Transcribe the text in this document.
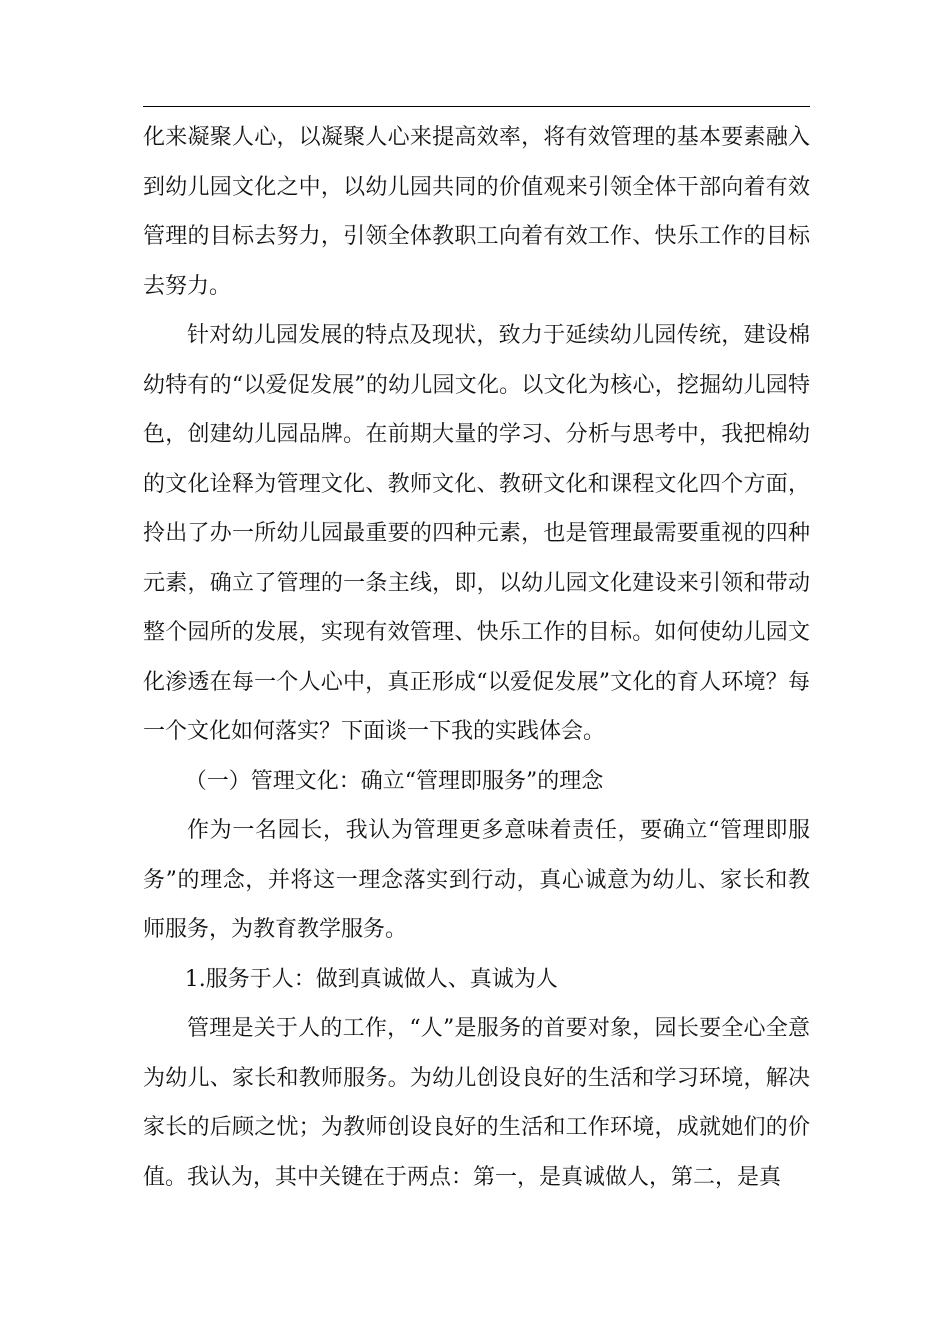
化来凝聚人心，以凝聚人心来提高效率，将有效管理的基本要素融入到幼儿园文化之中，以幼儿园共同的价值观来引领全体干部向着有效管理的目标去努力，引领全体教职工向着有效工作、快乐工作的目标去努力。

针对幼儿园发展的特点及现状，致力于延续幼儿园传统，建设棉幼特有的“以爱促发展”的幼儿园文化。以文化为核心，挖掘幼儿园特色，创建幼儿园品牌。在前期大量的学习、分析与思考中，我把棉幼的文化诠释为管理文化、教师文化、教研文化和课程文化四个方面，拎出了办一所幼儿园最重要的四种元素，也是管理最需要重视的四种元素，确立了管理的一条主线，即，以幼儿园文化建设来引领和带动整个园所的发展，实现有效管理、快乐工作的目标。如何使幼儿园文化渗透在每一个人心中，真正形成“以爱促发展”文化的育人环境？每一个文化如何落实？下面谈一下我的实践体会。

（一）管理文化：确立“管理即服务”的理念

作为一名园长，我认为管理更多意味着责任，要确立“管理即服务”的理念，并将这一理念落实到行动，真心诚意为幼儿、家长和教师服务，为教育教学服务。

1.服务于人：做到真诚做人、真诚为人

管理是关于人的工作，“人”是服务的首要对象，园长要全心全意为幼儿、家长和教师服务。为幼儿创设良好的生活和学习环境，解决家长的后顾之忧；为教师创设良好的生活和工作环境，成就她们的价值。我认为，其中关键在于两点：第一，是真诚做人，第二，是真
